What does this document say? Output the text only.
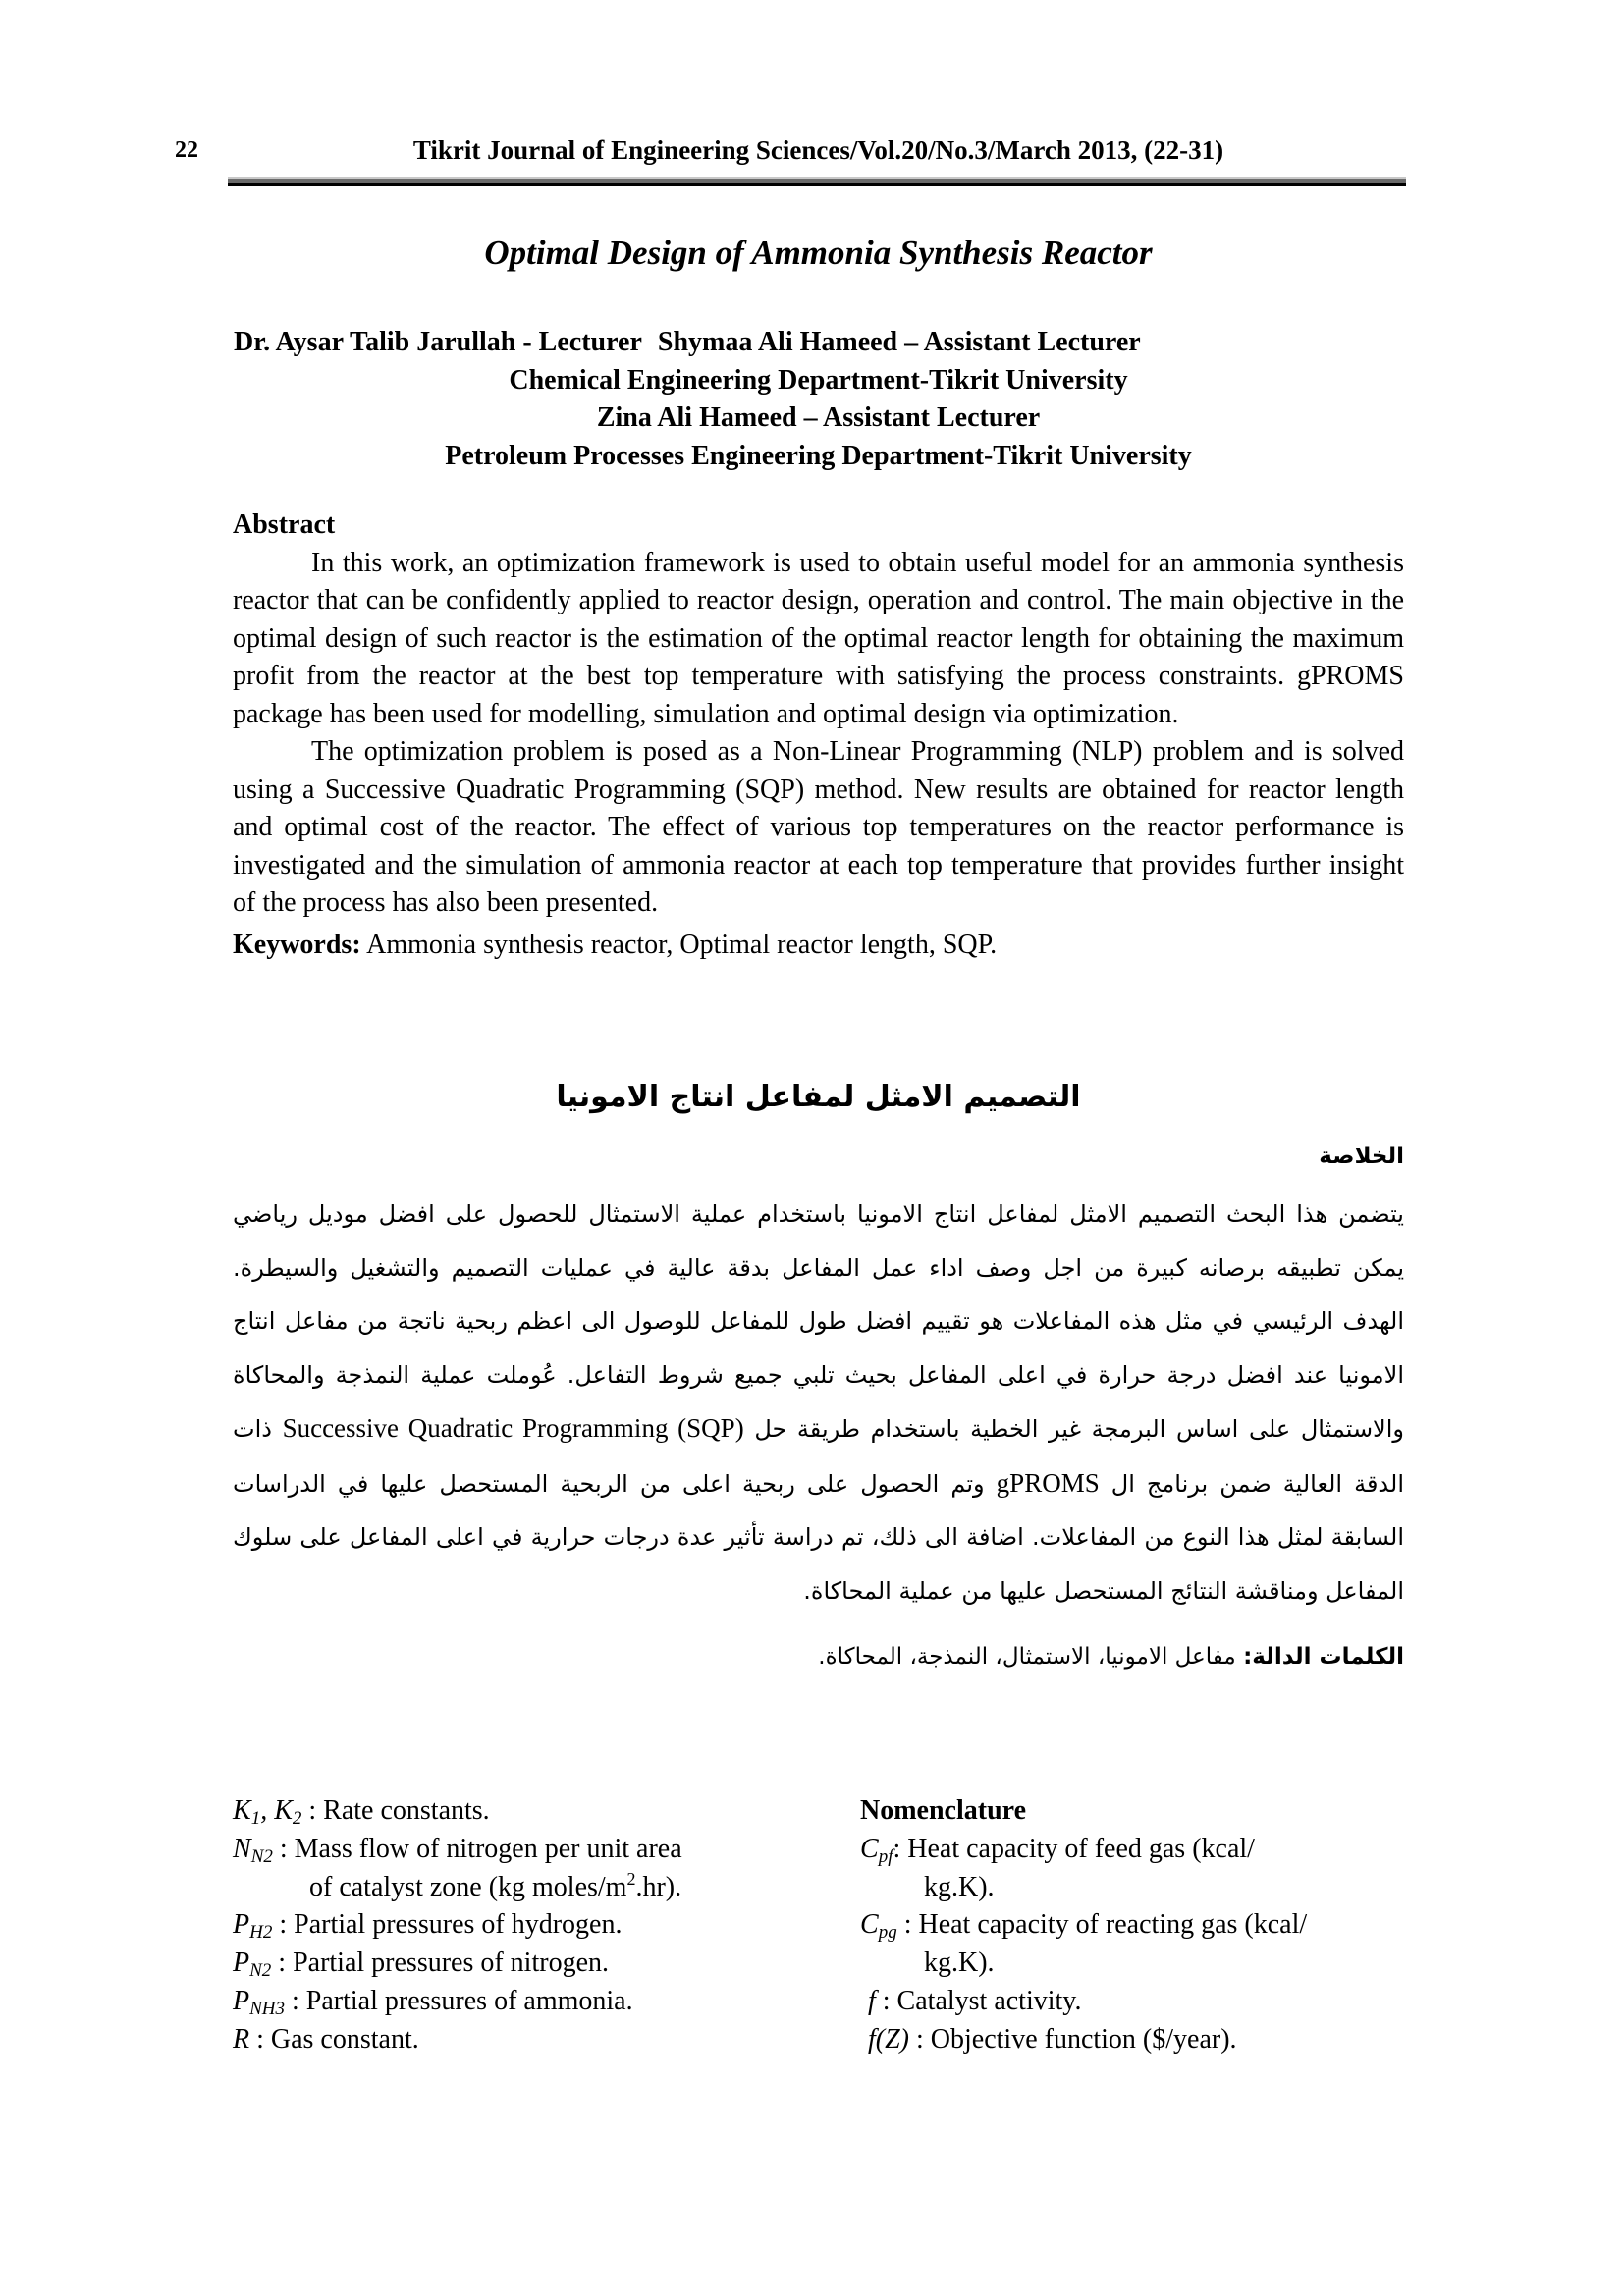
22	Tikrit Journal of Engineering Sciences/Vol.20/No.3/March 2013, (22-31)
Optimal Design of Ammonia Synthesis Reactor
Dr. Aysar Talib Jarullah - Lecturer Shymaa Ali Hameed – Assistant Lecturer
Chemical Engineering Department-Tikrit University
Zina Ali Hameed – Assistant Lecturer
Petroleum Processes Engineering Department-Tikrit University
Abstract

In this work, an optimization framework is used to obtain useful model for an ammonia synthesis reactor that can be confidently applied to reactor design, operation and control. The main objective in the optimal design of such reactor is the estimation of the optimal reactor length for obtaining the maximum profit from the reactor at the best top temperature with satisfying the process constraints. gPROMS package has been used for modelling, simulation and optimal design via optimization.

The optimization problem is posed as a Non-Linear Programming (NLP) problem and is solved using a Successive Quadratic Programming (SQP) method. New results are obtained for reactor length and optimal cost of the reactor. The effect of various top temperatures on the reactor performance is investigated and the simulation of ammonia reactor at each top temperature that provides further insight of the process has also been presented.

Keywords: Ammonia synthesis reactor, Optimal reactor length, SQP.

التصميم الامثل لمفاعل انتاج الامونيا
الخلاصة

يتضمن هذا البحث التصميم الامثل لمفاعل انتاج الامونيا باستخدام عملية الاستمثال للحصول على افضل موديل رياضي يمكن تطبيقه برصانه كبيرة من اجل وصف اداء عمل المفاعل بدقة عالية في عمليات التصميم والتشغيل والسيطرة. الهدف الرئيسي في مثل هذه المفاعلات هو تقييم افضل طول للمفاعل للوصول الى اعظم ربحية ناتجة من مفاعل انتاج الامونيا عند افضل درجة حرارة في اعلى المفاعل بحيث تلبي جميع شروط التفاعل. عُوملت عملية النمذجة والمحاكاة والاستمثال على اساس البرمجة غير الخطية باستخدام طريقة حل Successive Quadratic Programming (SQP) ذات الدقة العالية ضمن برنامج ال gPROMS وتم الحصول على ربحية اعلى من الربحية المستحصل عليها في الدراسات السابقة لمثل هذا النوع من المفاعلات. اضافة الى ذلك، تم دراسة تأثير عدة درجات حرارية في اعلى المفاعل على سلوك المفاعل ومناقشة النتائج المستحصل عليها من عملية المحاكاة.

الكلمات الدالة: مفاعل الامونيا، الاستمثال، النمذجة، المحاكاة.
$K_1$, $K_2$ : Rate constants.
$N_{N2}$ : Mass flow of nitrogen per unit area
of catalyst zone (kg moles/$m^2.hr$).
$P_{H2}$ : Partial pressures of hydrogen.
$P_{N2}$ : Partial pressures of nitrogen.
$P_{NH3}$ : Partial pressures of ammonia.
R : Gas constant.
Nomenclature
$C_{pf}$: Heat capacity of feed gas (kcal/
kg.K).
$C_{pg}$ : Heat capacity of reacting gas (kcal/
kg.K).
f : Catalyst activity.
f(Z) : Objective function ($/year).
